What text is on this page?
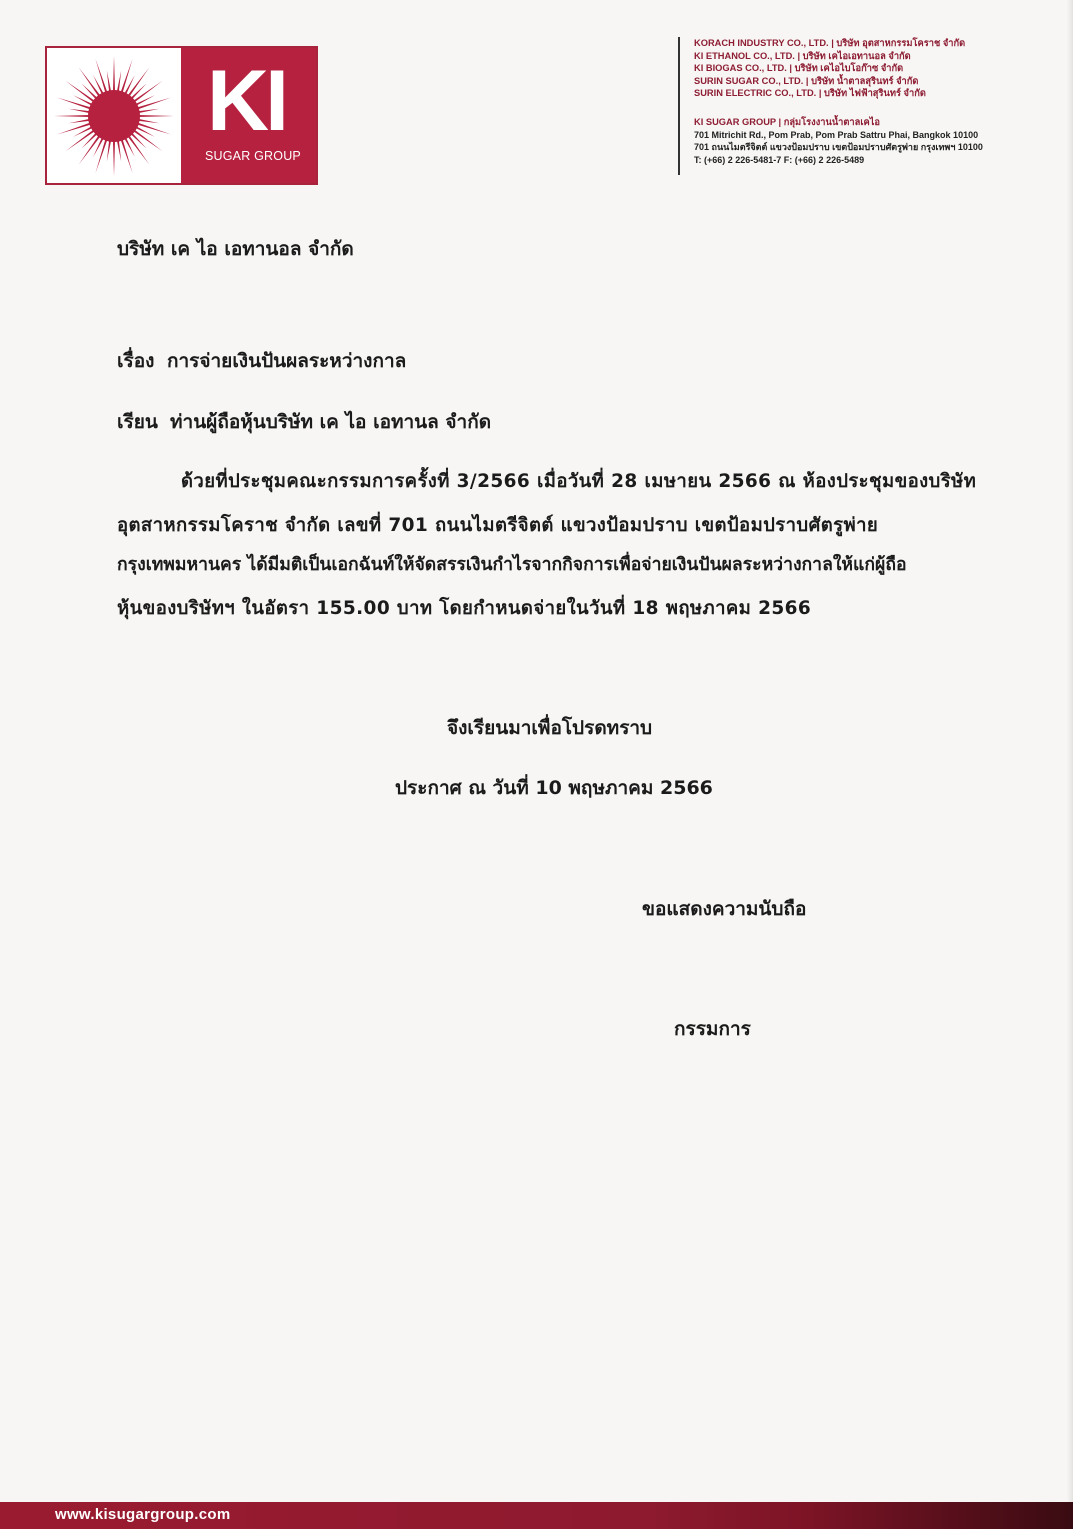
KI
SUGAR GROUP
KORACH INDUSTRY CO., LTD. | บริษัท อุตสาหกรรมโคราช จำกัด
KI ETHANOL CO., LTD. | บริษัท เคไอเอทานอล จำกัด
KI BIOGAS CO., LTD. | บริษัท เคไอไบโอก๊าซ จำกัด
SURIN SUGAR CO., LTD. | บริษัท น้ำตาลสุรินทร์ จำกัด
SURIN ELECTRIC CO., LTD. | บริษัท ไฟฟ้าสุรินทร์ จำกัด
KI SUGAR GROUP | กลุ่มโรงงานน้ำตาลเคไอ
701 Mitrichit Rd., Pom Prab, Pom Prab Sattru Phai, Bangkok 10100
701 ถนนไมตรีจิตต์ แขวงป้อมปราบ เขตป้อมปราบศัตรูพ่าย กรุงเทพฯ 10100
T: (+66) 2 226-5481-7 F: (+66) 2 226-5489
บริษัท เค ไอ เอทานอล จำกัด
เรื่อง การจ่ายเงินปันผลระหว่างกาล
เรียน ท่านผู้ถือหุ้นบริษัท เค ไอ เอทานล จำกัด
ด้วยที่ประชุมคณะกรรมการครั้งที่ 3/2566 เมื่อวันที่ 28 เมษายน 2566 ณ ห้องประชุมของบริษัท
อุตสาหกรรมโคราช จำกัด เลขที่ 701 ถนนไมตรีจิตต์ แขวงป้อมปราบ เขตป้อมปราบศัตรูพ่าย
กรุงเทพมหานคร ได้มีมติเป็นเอกฉันท์ให้จัดสรรเงินกำไรจากกิจการเพื่อจ่ายเงินปันผลระหว่างกาลให้แก่ผู้ถือ
หุ้นของบริษัทฯ ในอัตรา 155.00 บาท โดยกำหนดจ่ายในวันที่ 18 พฤษภาคม 2566
จึงเรียนมาเพื่อโปรดทราบ
ประกาศ ณ วันที่ 10 พฤษภาคม 2566
ขอแสดงความนับถือ
กรรมการ
www.kisugargroup.com
